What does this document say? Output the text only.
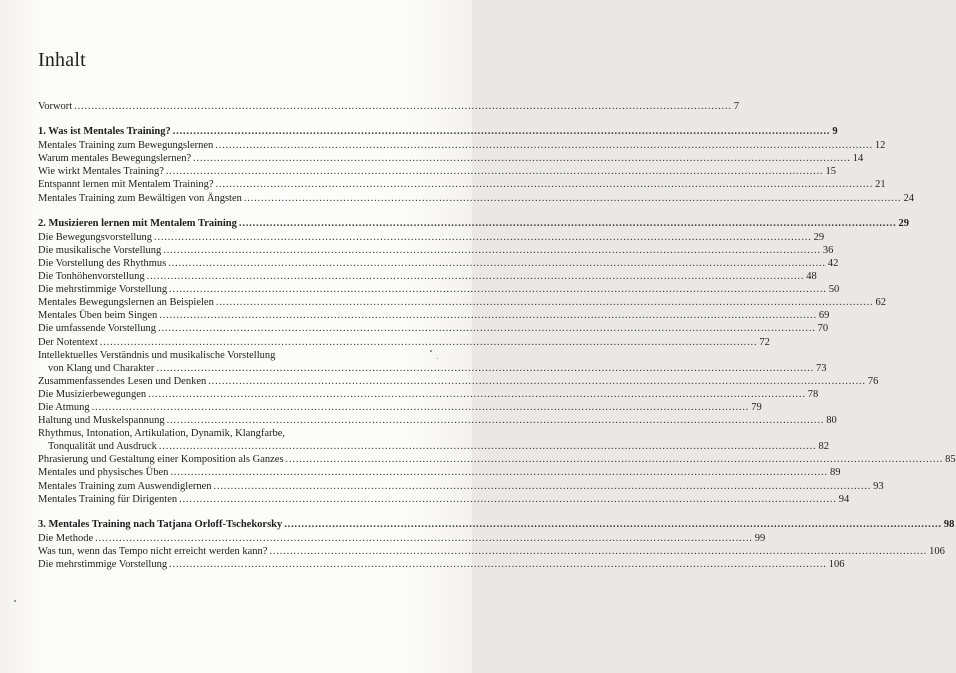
Inhalt
Vorwort .....	7
1. Was ist Mentales Training? .....	9
Mentales Training zum Bewegungslernen .....	12
Warum mentales Bewegungslernen? .....	14
Wie wirkt Mentales Training? .....	15
Entspannt lernen mit Mentalem Training? .....	21
Mentales Training zum Bewältigen von Ängsten .....	24
2. Musizieren lernen mit Mentalem Training .....	29
Die Bewegungsvorstellung .....	29
Die musikalische Vorstellung .....	36
Die Vorstellung des Rhythmus .....	42
Die Tonhöhenvorstellung .....	48
Die mehrstimmige Vorstellung .....	50
Mentales Bewegungslernen an Beispielen .....	62
Mentales Üben beim Singen .....	69
Die umfassende Vorstellung .....	70
Der Notentext .....	72
Intellektuelles Verständnis und musikalische Vorstellung
von Klang und Charakter .....	73
Zusammenfassendes Lesen und Denken .....	76
Die Musizierbewegungen .....	78
Die Atmung .....	79
Haltung und Muskelspannung .....	80
Rhythmus, Intonation, Artikulation, Dynamik, Klangfarbe,
Tonqualität und Ausdruck .....	82
Phrasierung und Gestaltung einer Komposition als Ganzes .....	85
Mentales und physisches Üben .....	89
Mentales Training zum Auswendiglernen .....	93
Mentales Training für Dirigenten .....	94
3. Mentales Training nach Tatjana Orloff-Tschekorsky .....	98
Die Methode .....	99
Was tun, wenn das Tempo nicht erreicht werden kann? .....	106
Die mehrstimmige Vorstellung .....	106
